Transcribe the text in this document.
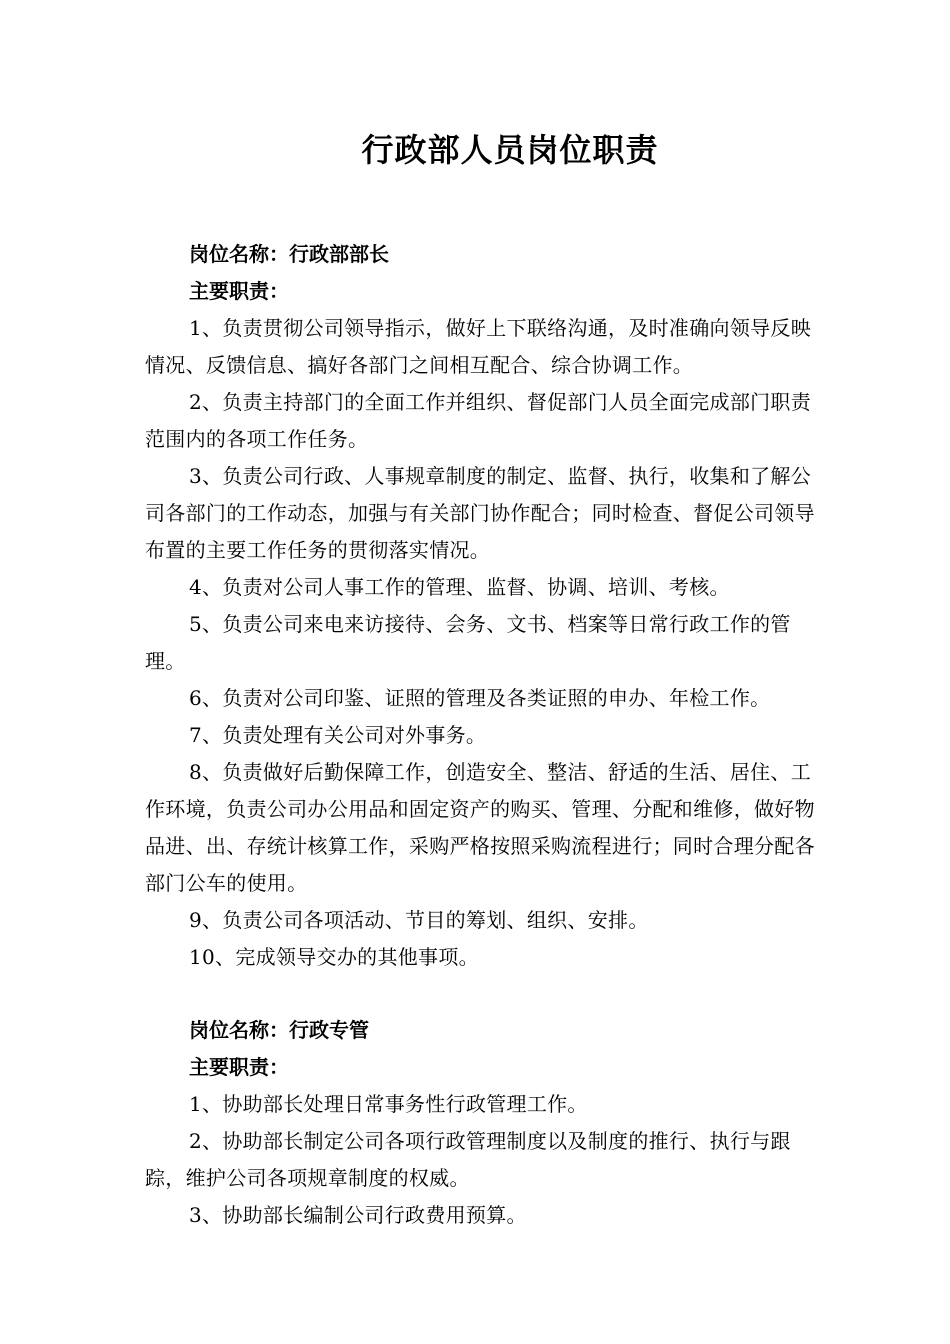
行政部人员岗位职责

岗位名称：行政部部长

主要职责：

1、负责贯彻公司领导指示，做好上下联络沟通，及时准确向领导反映情况、反馈信息、搞好各部门之间相互配合、综合协调工作。

2、负责主持部门的全面工作并组织、督促部门人员全面完成部门职责范围内的各项工作任务。

3、负责公司行政、人事规章制度的制定、监督、执行，收集和了解公司各部门的工作动态，加强与有关部门协作配合；同时检查、督促公司领导布置的主要工作任务的贯彻落实情况。

4、负责对公司人事工作的管理、监督、协调、培训、考核。

5、负责公司来电来访接待、会务、文书、档案等日常行政工作的管理。

6、负责对公司印鉴、证照的管理及各类证照的申办、年检工作。

7、负责处理有关公司对外事务。

8、负责做好后勤保障工作，创造安全、整洁、舒适的生活、居住、工作环境，负责公司办公用品和固定资产的购买、管理、分配和维修，做好物品进、出、存统计核算工作，采购严格按照采购流程进行；同时合理分配各部门公车的使用。

9、负责公司各项活动、节目的筹划、组织、安排。

10、完成领导交办的其他事项。

岗位名称：行政专管

主要职责：

1、协助部长处理日常事务性行政管理工作。

2、协助部长制定公司各项行政管理制度以及制度的推行、执行与跟踪，维护公司各项规章制度的权威。

3、协助部长编制公司行政费用预算。
